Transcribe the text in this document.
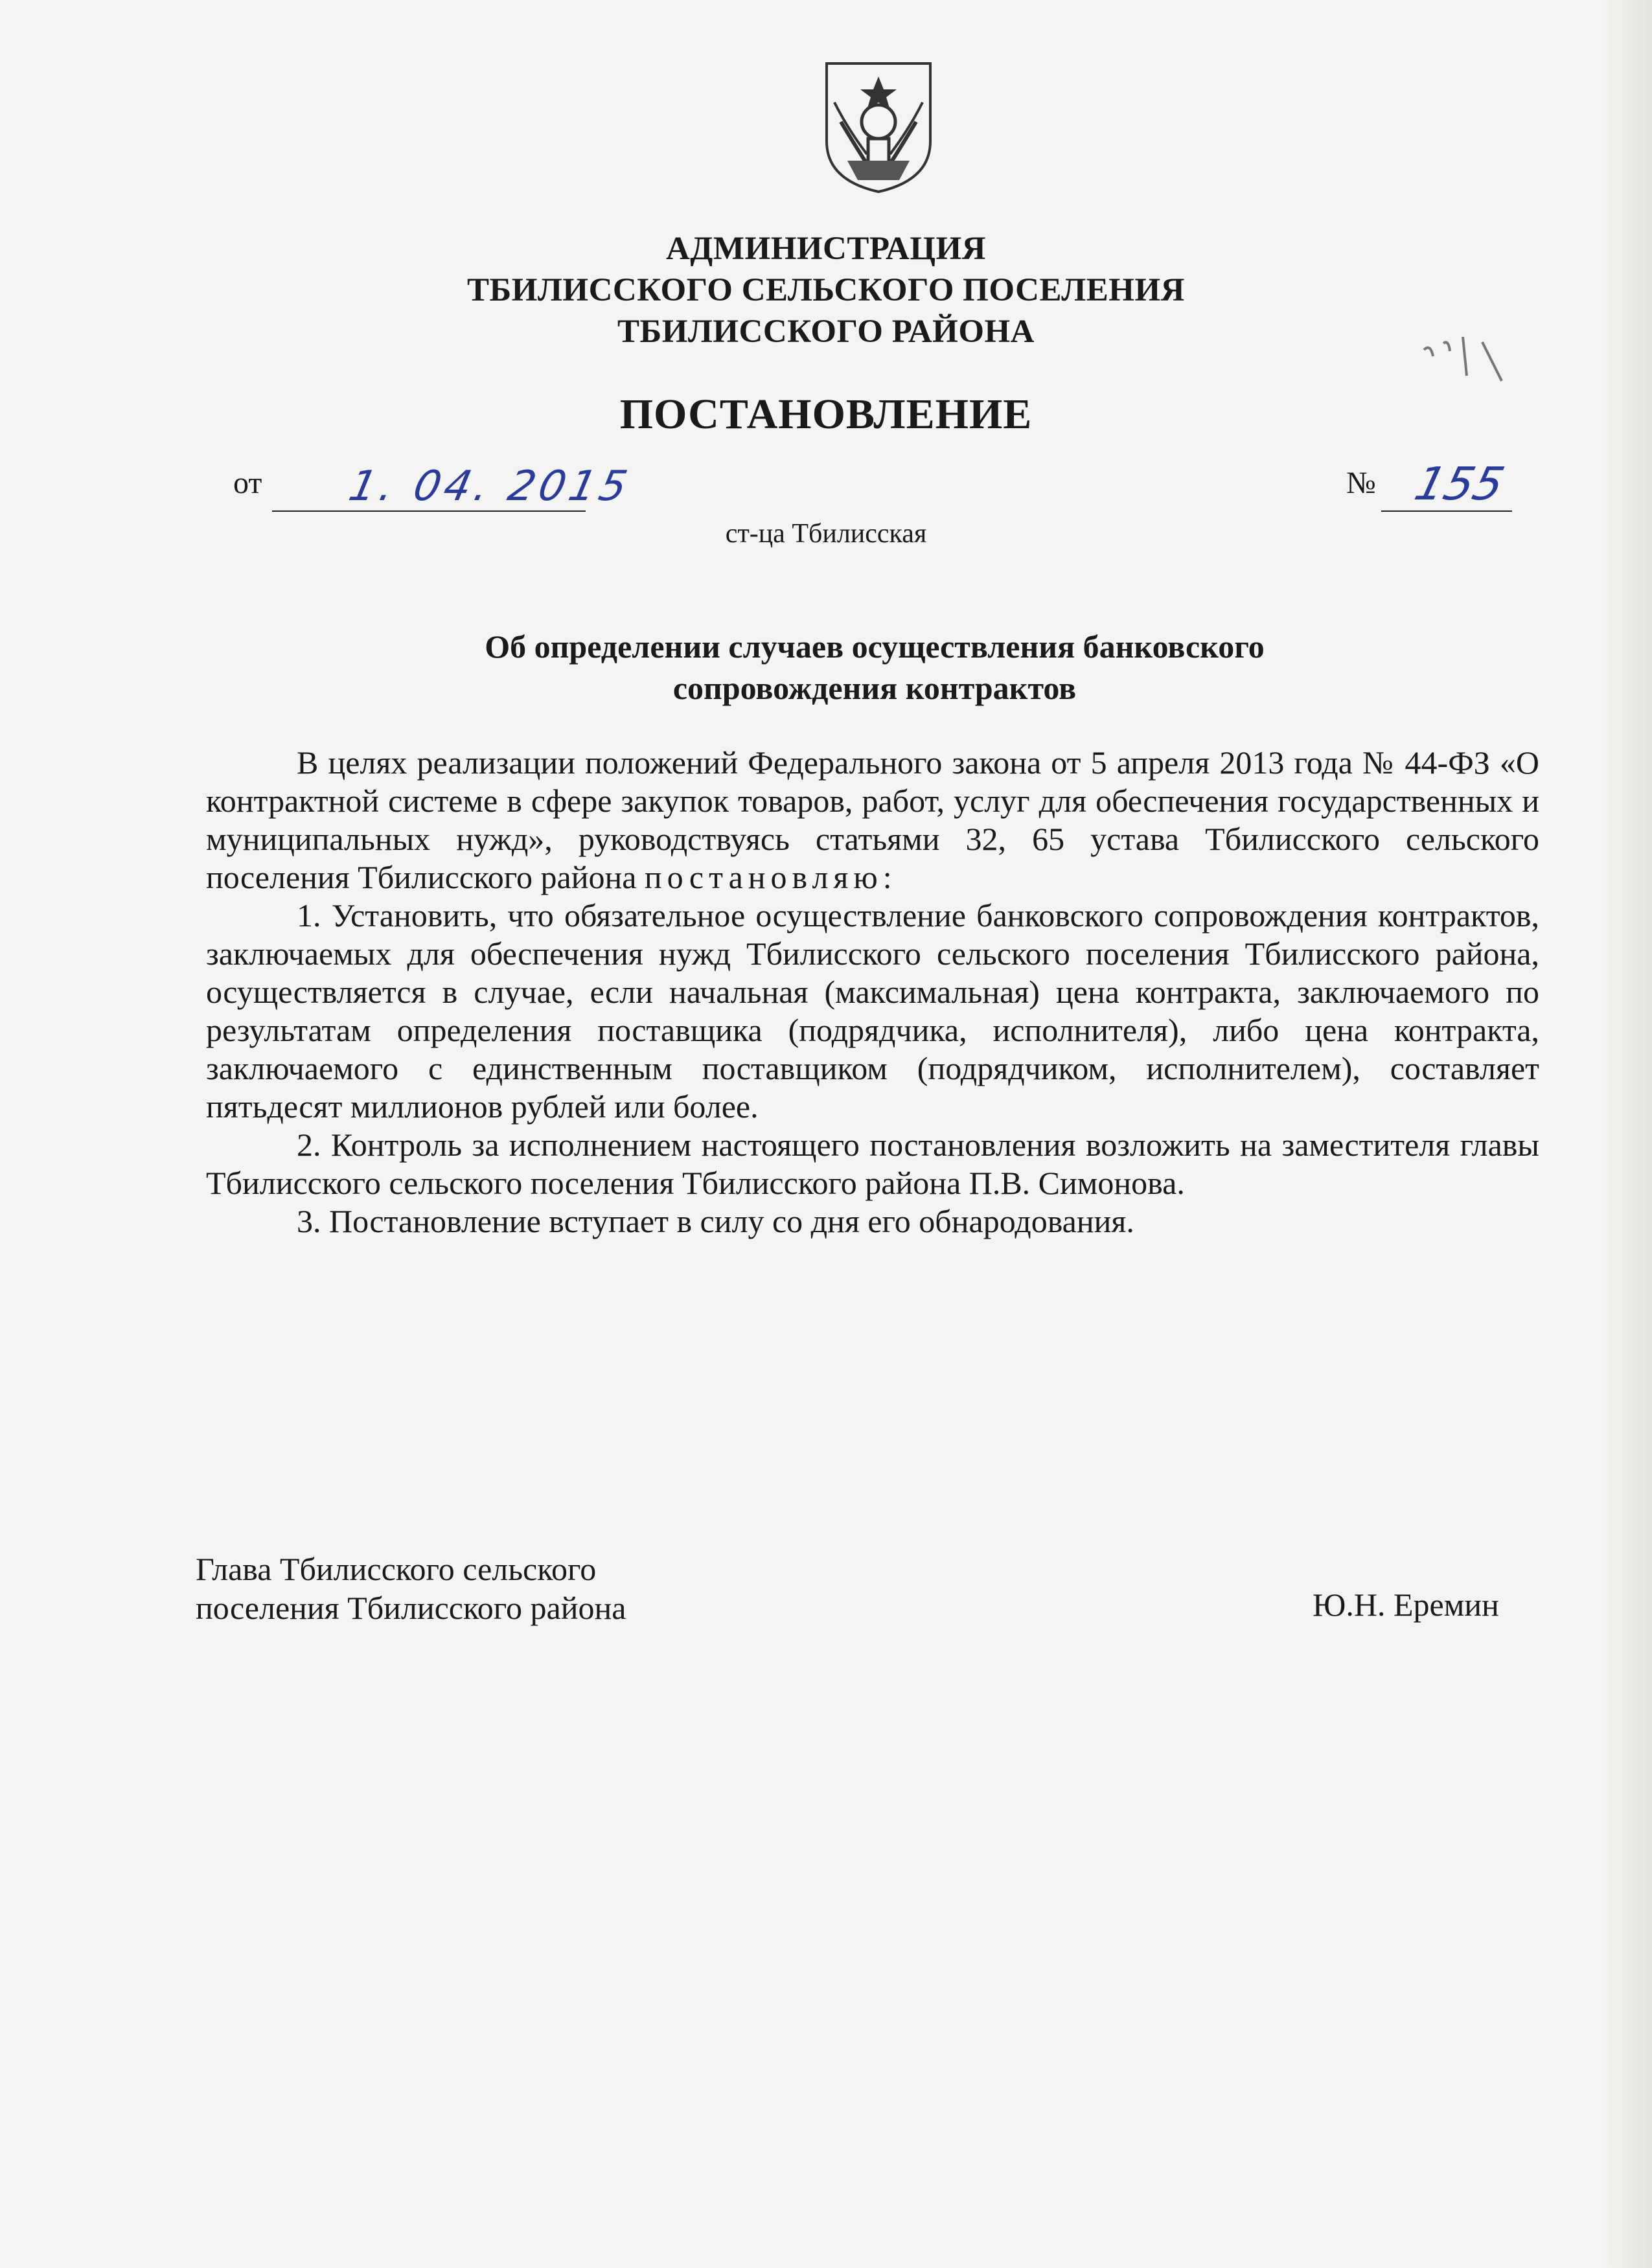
АДМИНИСТРАЦИЯ
ТБИЛИССКОГО СЕЛЬСКОГО ПОСЕЛЕНИЯ
ТБИЛИССКОГО РАЙОНА
ПОСТАНОВЛЕНИЕ
от 1. 04. 2015	№ 155
ст-ца Тбилисская
Об определении случаев осуществления банковского
сопровождения контрактов

В целях реализации положений Федерального закона от 5 апреля 2013 года № 44-ФЗ «О контрактной системе в сфере закупок товаров, работ, услуг для обеспечения государственных и муниципальных нужд», руководствуясь статьями 32, 65 устава Тбилисского сельского поселения Тбилисского района постановляю:

1. Установить, что обязательное осуществление банковского сопровождения контрактов, заключаемых для обеспечения нужд Тбилисского сельского поселения Тбилисского района, осуществляется в случае, если начальная (максимальная) цена контракта, заключаемого по результатам определения поставщика (подрядчика, исполнителя), либо цена контракта, заключаемого с единственным поставщиком (подрядчиком, исполнителем), составляет пятьдесят миллионов рублей или более.

2. Контроль за исполнением настоящего постановления возложить на заместителя главы Тбилисского сельского поселения Тбилисского района П.В. Симонова.

3. Постановление вступает в силу со дня его обнародования.

Глава Тбилисского сельского
поселения Тбилисского района	Ю.Н. Еремин
